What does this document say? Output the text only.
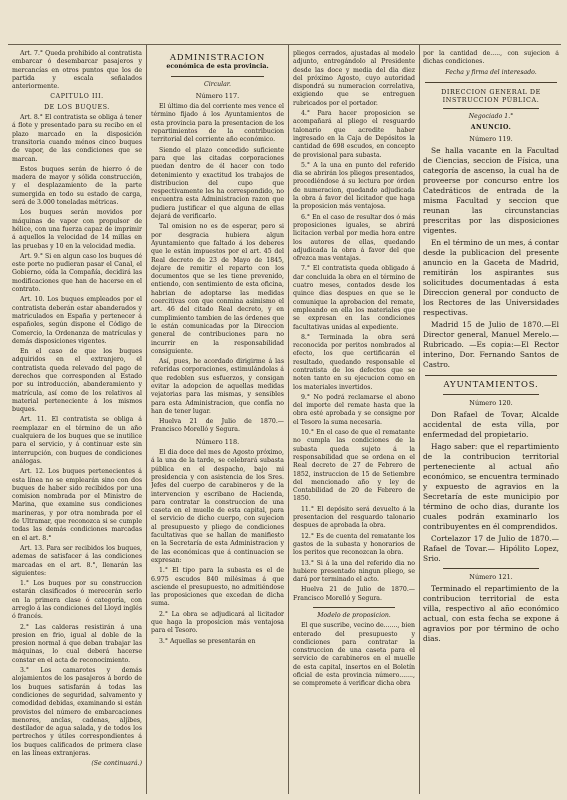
Art. 7.° Queda prohibido al contratista embarcar ó desembarcar pasajeros y mercancías en otros puntos que los de partida y escala señalados anteriormente.

CAPITULO III.

DE LOS BUQUES.

Art. 8.° El contratista se obliga á tener á flote y presentado para su recibo en el plazo marcado en la disposición transitoria cuando ménos cinco buques de vapor, de las condiciones que se marcan.

Estos buques serán de hierro ó de madera de mayor y sólida construcción, y el desplazamiento de la parte sumergida en todo su estado de carga, será de 3.000 toneladas métricas.

Los buques serán movidos por máquinas de vapor con propulsor de hélice, con una fuerza capaz de imprimir á aquellos la velocidad de 14 millas en las pruebas y 10 en la velocidad media.

Art. 9.° Si en algun caso los buques dé este porte no pudieran pasar el Canal, el Gobierno, oída la Compañía, decidirá las modificaciones que han de hacerse en el contrato.

Art. 10. Los buques empleados por el contratista deberán estar abanderados y matriculados en España y pertenecer á españoles, según dispone el Código de Comercio, la Ordenanza de matrículas y demás disposiciones vigentes.

En el caso de que los buques adquiridos en el extranjero, el contratista queda relevado del pago de derechos que corresponden al Estado por su introducción, abanderamiento y matrícula, así como de los relativos al material perteneciente á los mismos buques.

Art. 11. El contratista se obliga á reemplazar en el término de un año cualquiera de los buques que se inutilice para el servicio, y á continuar este sin interrupción, con buques de condiciones análogas.

Art. 12. Los buques pertenecientes á esta línea no se emplearán sino con dos buques de haber sido recibidos por una comision nombrada por el Ministro de Marina, que examine sus condiciones marineras, y por otra nombrada por el de Ultramar, que reconozca si se cumple todas las demás condiciones marcadas en el art. 8.°

Art. 13. Para ser recibidos los buques, ademas de satisfacer á las condiciones marcadas en el art. 8.°, llenarán las siguientes:

1.° Los buques por su construccion estarán clasificados ó merecerán serlo en la primera clase ó categoría, con arreglo á las condiciones del Lloyd inglés ó francés.

2.° Las calderas resistirán á una presion en frio, igual al doble de la presion normal á que deban trabajar las máquinas, lo cual deberá hacerse constar en el acta de reconocimiento.

3.° Los camarotes y demás alojamientos de los pasajeros á bordo de los buques satisfarán á todas las condiciones de seguridad, salvamento y comodidad debidas, examinando si están provistos del número de embarcaciones menores, anclas, cadenas, aljibes, destilador de agua salada, y de todos los pertrechos y útiles correspondientes á los buques calificados de primera clase en las líneas extranjeras.

(Se continuará.)

ADMINISTRACION
económica de esta provincia.

Circular.

Número 117.

El último dia del corriente mes vence el término fijado á los Ayuntamientos de esta provincia para la presentacion de los repartimientos de la contribucion territorial del corriente año económico.

Siendo el plazo concedido suficiente para que las citadas corporaciones puedan dentro de él hacer con todo detenimiento y exactitud los trabajos de distribucion del cupo que respectivamente les ha correspondido, no encuentra esta Administracion razon que pudiera justificar el que alguna de ellas dejará de verificarlo.

Tal omision no es de esperar, pero si por desgracia hubiera algun Ayuntamiento que faltado á los deberes que le están impuestos por el art. 45 del Real decreto de 23 de Mayo de 1845, dejare de remitir el reparto con los documentos que se les tiene prevenido, entiendo, con sentimiento de esta oficina, habrian de adoptarse las medidas coercitivas con que conmina asimismo el art. 46 del citado Real decreto, y en cumplimiento tambien de las órdenes que le están comunicadas por la Direccion general de contribuciones para no incurrir en la responsabilidad consiguiente.

Así, pues, he acordado dirigirme á las referidas corporaciones, estimulándolas á que redoblen sus esfuerzos, y consigan evitar la adopcion de aquellas medidas vejatorias para las mismas, y sensibles para esta Administracion, que confía no han de tener lugar.

Huelva 21 de Julio de 1870.— Francisco Morelló y Segura.

Número 118.

El dia doce del mes de Agosto próximo, á la una de la tarde, se celebrará subasta pública en el despacho, bajo mi presidencia y con asistencia de los Sres. Jefes del cuerpo de carabineros y de la intervencion y escribano de Hacienda, para contratar la construccion de una caseta en el muelle de esta capital, para el servicio de dicho cuerpo, con sujecion al presupuesto y pliego de condiciones facultativas que se hallan de manifiesto en la Secretaría de esta Administracion y de las económicas que á continuacion se expresan:

1.° El tipo para la subasta es el de 6.975 escudos 840 milésimas á que asciende el presupuesto, no admitiéndose las proposiciones que excedan de dicha suma.

2.° La obra se adjudicará al licitador que haga la proposicion más ventajosa para el Tesoro.

3.° Aquellas se presentarán en

pliegos cerrados, ajustadas al modelo adjunto, entregándolo al Presidente desde las doce y media del dia diez del próximo Agosto, cuyo autoridad dispondrá su numeracion correlativa, exigiendo que se entreguen rubricados por el portador.

4.° Para hacer proposicion se acompañará al pliego el resguardo talonario que acredite haber ingresado en la Caja de Depósitos la cantidad de 698 escudos, en concepto de provisional para subasta.

5.° A la una en punto del referido dia se abrirán los pliegos presentados, procediéndose á su lectura por órden de numeracion, quedando adjudicada la obra á favor del licitador que haga la proposicion más ventajosa.

6.° En el caso de resultar dos ó más proposiciones iguales, se abrirá licitacion verbal por media hora entre los autores de ellas, quedando adjudicada la obra á favor del que ofrezca mas ventajas.

7.° El contratista queda obligado á dar concluida la obra en el término de cuatro meses, contados desde los quince dias despues en que se le comunique la aprobacion del remate, empleando en ella los materiales que se expresan en las condiciones facultativas unidas al expediente.

8.° Terminada la obra será reconocida por peritos nombrados al efecto, los que certificarán el resultado, quedando responsable el contratista de los defectos que se noten tanto en su ejecucion como en los materiales invertidos.

9.° No podrá reclamarse el abono del importe del remate hasta que la obra esté aprobada y se consigne por el Tesoro la suma necesaria.

10.° En el caso de que el rematante no cumpla las condiciones de la subasta queda sujeto á la responsabilidad que se ordena en el Real decreto de 27 de Febrero de 1852, instruccion de 15 de Setiembre del mencionado año y ley de Contabilidad de 20 de Febrero de 1850.

11.° El depósito será devuelto á la presentacion del resguardo talonario despues de aprobada la obra.

12.° Es de cuenta del rematante los gastos de la subasta y honorarios de los peritos que reconozcan la obra.

13.° Si á la una del referido dia no hubiere presentado ningun pliego, se dará por terminado el acto.

Huelva 21 de Julio de 1870.— Francisco Morelló y Segura.

Modelo de proposicion.

El que suscribe, vecino de......., bien enterado del presupuesto y condiciones para contratar la construccion de una caseta para el servicio de carabineros en el muelle de esta capital, insertos en el Boletín oficial de esta provincia número......., se compromete á verificar dicha obra

por la cantidad de....., con sujecion á dichas condiciones.

Fecha y firma del interesado.

DIRECCION GENERAL DE INSTRUCCION PÚBLICA.

Negociado 1.°

ANUNCIO.

Número 119.

Se halla vacante en la Facultad de Ciencias, seccion de Física, una categoría de ascenso, la cual ha de proveerse por concurso entre los Catedráticos de entrada de la misma Facultad y seccion que reunan las circunstancias prescritas por las disposiciones vigentes.

En el término de un mes, á contar desde la publicacion del presente anuncio en la Gaceta de Madrid, remitirán los aspirantes sus solicitudes documentadas á esta Direccion general por conducto de los Rectores de las Universidades respectivas.

Madrid 15 de Julio de 1870.—El Director general, Manuel Merelo.—Rubricado. —Es copia:—El Rector interino, Dor. Fernando Santos de Castro.

AYUNTAMIENTOS.

Número 120.

Don Rafael de Tovar, Alcalde accidental de esta villa, por enfermedad del propietario.

Hago saber: que el repartimiento de la contribucion territorial perteneciente al actual año económico, se encuentra terminado y expuesto de agravios en la Secretaría de este municipio por término de ocho dias, durante los cuales podrán examinarlo los contribuyentes en él comprendidos.

Cortelazor 17 de Julio de 1870.—Rafael de Tovar.— Hipólito Lopez, Srio.

Número 121.

Terminado el repartimiento de la contribucion territorial de esta villa, respectivo al año económico actual, con esta fecha se expone á agravios por por término de ocho dias.
